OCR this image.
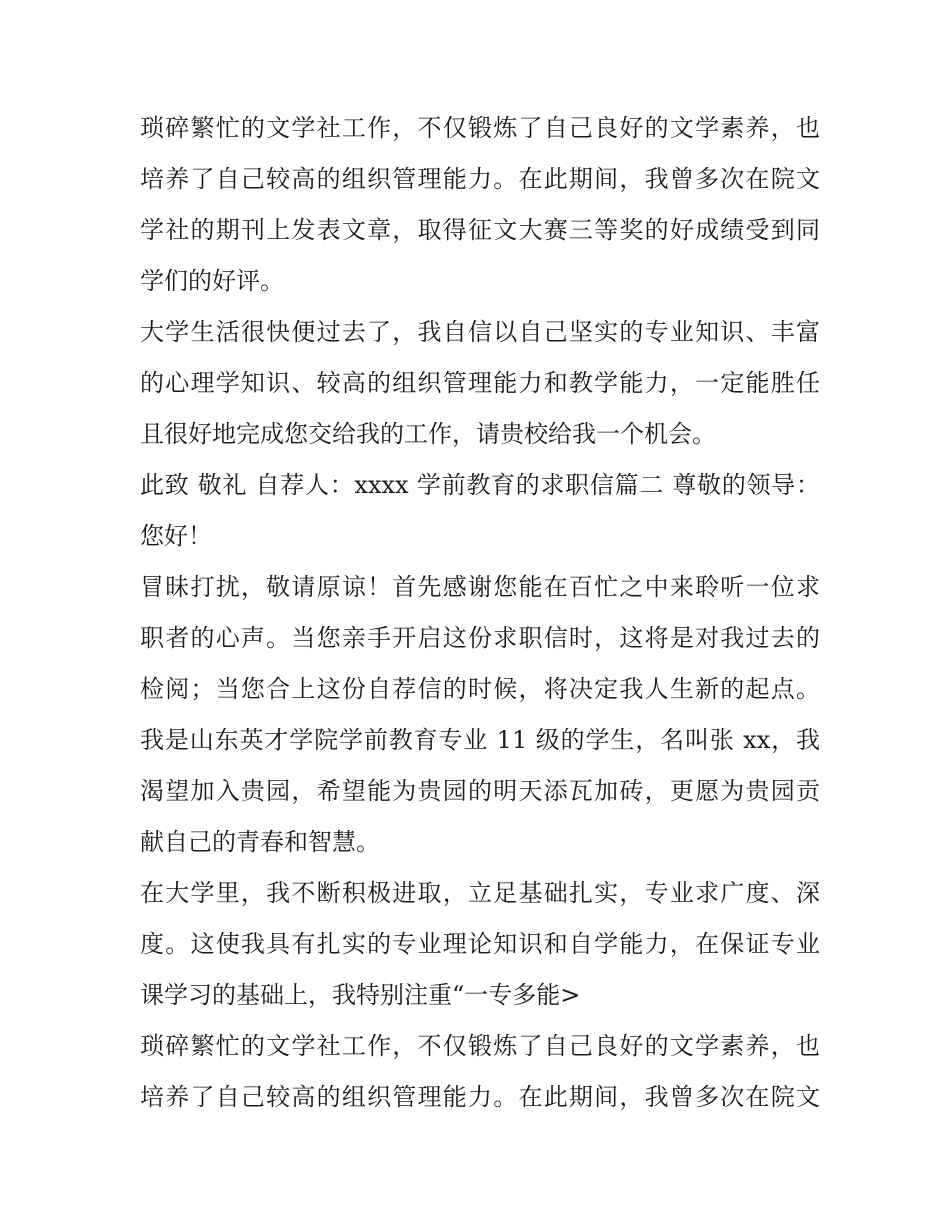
琐碎繁忙的文学社工作，不仅锻炼了自己良好的文学素养，也

培养了自己较高的组织管理能力。在此期间，我曾多次在院文

学社的期刊上发表文章，取得征文大赛三等奖的好成绩受到同

学们的好评。

大学生活很快便过去了，我自信以自己坚实的专业知识、丰富

的心理学知识、较高的组织管理能力和教学能力，一定能胜任

且很好地完成您交给我的工作，请贵校给我一个机会。

此致 敬礼 自荐人：xxxx 学前教育的求职信篇二 尊敬的领导：

您好！

冒昧打扰，敬请原谅！首先感谢您能在百忙之中来聆听一位求

职者的心声。当您亲手开启这份求职信时，这将是对我过去的

检阅；当您合上这份自荐信的时候，将决定我人生新的起点。

我是山东英才学院学前教育专业 11 级的学生，名叫张 xx，我

渴望加入贵园，希望能为贵园的明天添瓦加砖，更愿为贵园贡

献自己的青春和智慧。

在大学里，我不断积极进取，立足基础扎实，专业求广度、深

度。这使我具有扎实的专业理论知识和自学能力，在保证专业

课学习的基础上，我特别注重“一专多能>

琐碎繁忙的文学社工作，不仅锻炼了自己良好的文学素养，也

培养了自己较高的组织管理能力。在此期间，我曾多次在院文
